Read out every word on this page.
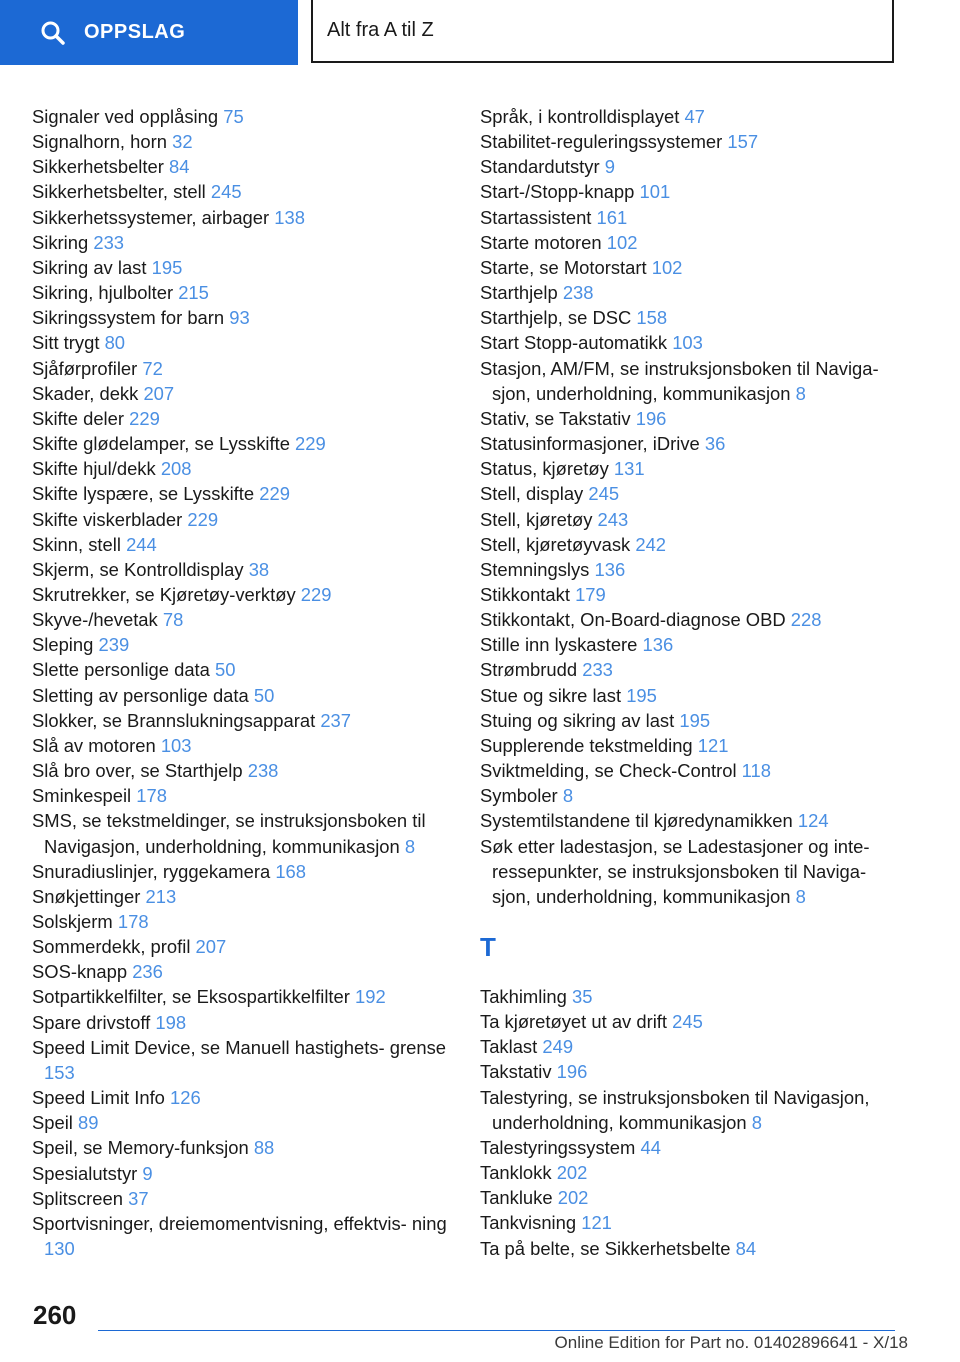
OPPSLAG	Alt fra A til Z
Signaler ved opplåsing 75
Signalhorn, horn 32
Sikkerhetsbelter 84
Sikkerhetsbelter, stell 245
Sikkerhetssystemer, airbager 138
Sikring 233
Sikring av last 195
Sikring, hjulbolter 215
Sikringssystem for barn 93
Sitt trygt 80
Sjåførprofiler 72
Skader, dekk 207
Skifte deler 229
Skifte glødelamper, se Lysskifte 229
Skifte hjul/dekk 208
Skifte lyspære, se Lysskifte 229
Skifte viskerblader 229
Skinn, stell 244
Skjerm, se Kontrolldisplay 38
Skrutrekker, se Kjøretøy-verktøy 229
Skyve-/hevetak 78
Sleping 239
Slette personlige data 50
Sletting av personlige data 50
Slokker, se Brannslukningsapparat 237
Slå av motoren 103
Slå bro over, se Starthjelp 238
Sminkespeil 178
SMS, se tekstmeldinger, se instruksjonsboken til Navigasjon, underholdning, kommunikasjon 8
Snuradiuslinjer, ryggekamera 168
Snøkjettinger 213
Solskjerm 178
Sommerdekk, profil 207
SOS-knapp 236
Sotpartikkelfilter, se Eksospartikkelfilter 192
Spare drivstoff 198
Speed Limit Device, se Manuell hastighets‐ grense 153
Speed Limit Info 126
Speil 89
Speil, se Memory-funksjon 88
Spesialutstyr 9
Splitscreen 37
Sportvisninger, dreiemomentvisning, effektvis‐ ning 130
Språk, i kontrolldisplayet 47
Stabilitet-reguleringssystemer 157
Standardutstyr 9
Start-/Stopp-knapp 101
Startassistent 161
Starte motoren 102
Starte, se Motorstart 102
Starthjelp 238
Starthjelp, se DSC 158
Start Stopp-automatikk 103
Stasjon, AM/FM, se instruksjonsboken til Naviga‐ sjon, underholdning, kommunikasjon 8
Stativ, se Takstativ 196
Statusinformasjoner, iDrive 36
Status, kjøretøy 131
Stell, display 245
Stell, kjøretøy 243
Stell, kjøretøyvask 242
Stemningslys 136
Stikkontakt 179
Stikkontakt, On-Board-diagnose OBD 228
Stille inn lyskastere 136
Strømbrudd 233
Stue og sikre last 195
Stuing og sikring av last 195
Supplerende tekstmelding 121
Sviktmelding, se Check-Control 118
Symboler 8
Systemtilstandene til kjøredynamikken 124
Søk etter ladestasjon, se Ladestasjoner og inte‐ ressepunkter, se instruksjonsboken til Naviga‐ sjon, underholdning, kommunikasjon 8
T
Takhimling 35
Ta kjøretøyet ut av drift 245
Taklast 249
Takstativ 196
Talestyring, se instruksjonsboken til Navigasjon, underholdning, kommunikasjon 8
Talestyringssystem 44
Tanklokk 202
Tankluke 202
Tankvisning 121
Ta på belte, se Sikkerhetsbelte 84
260
Online Edition for Part no. 01402896641 - X/18
